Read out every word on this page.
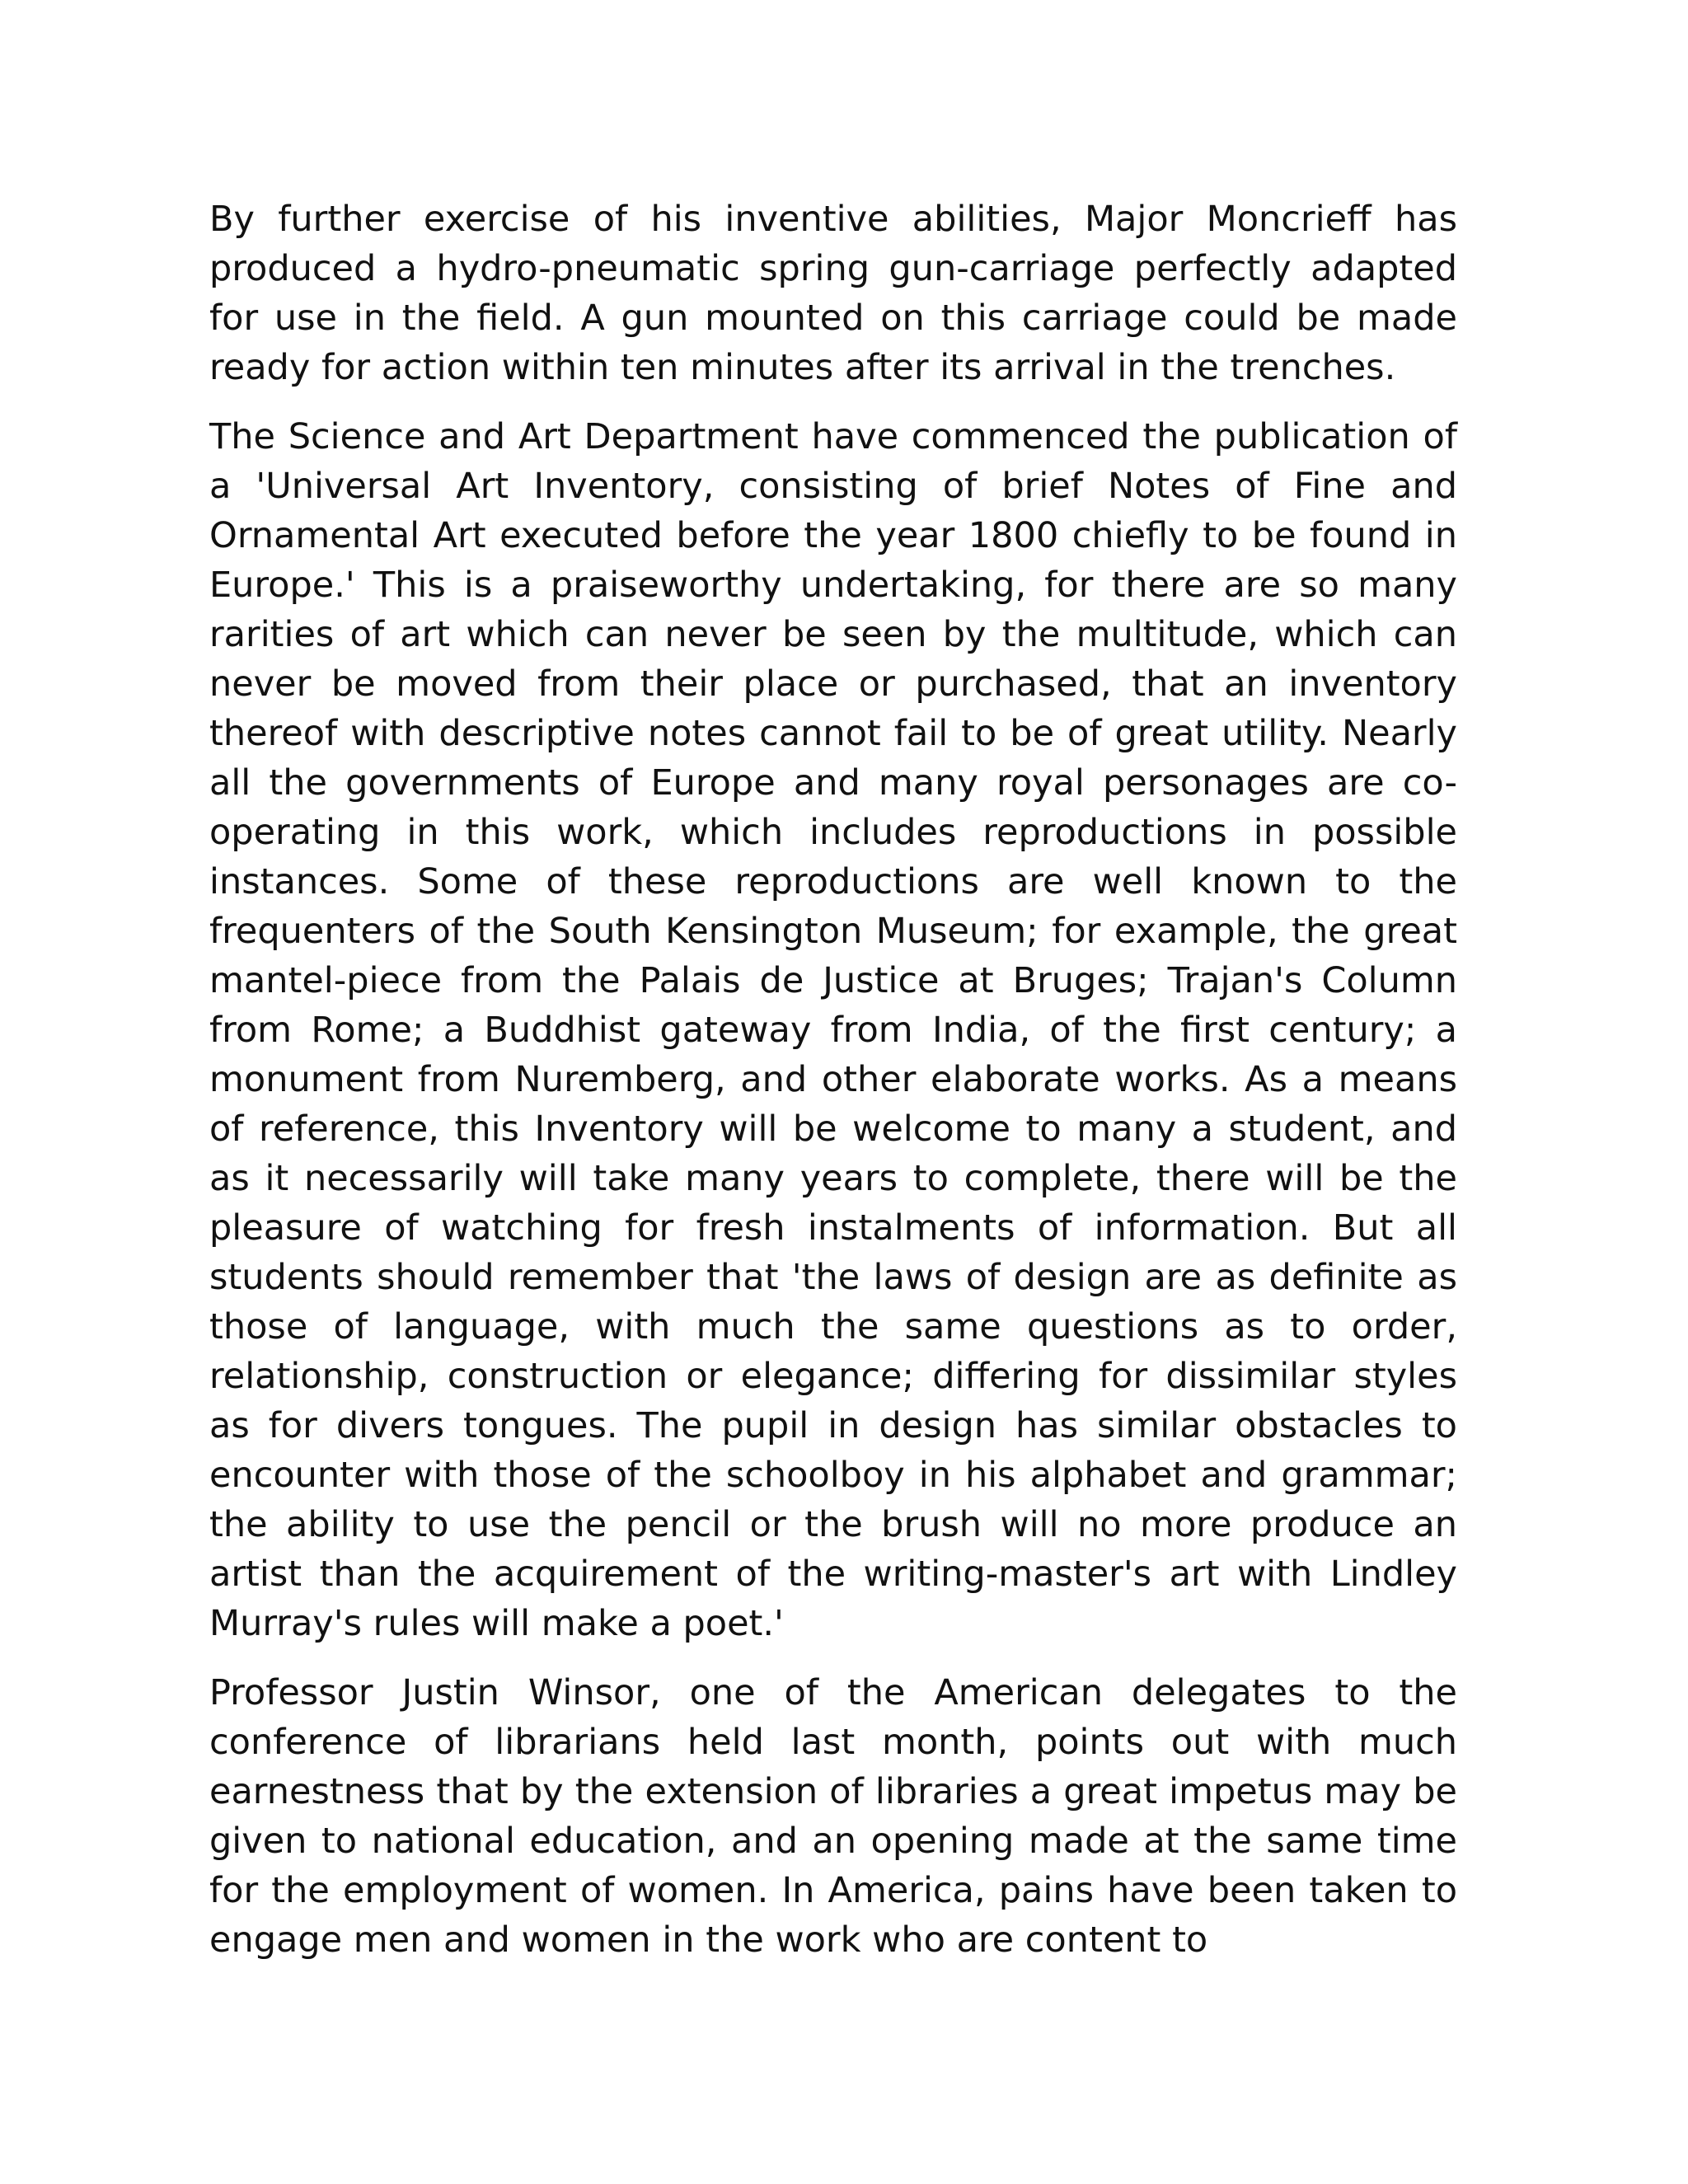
By further exercise of his inventive abilities, Major Moncrieff has produced a hydro-pneumatic spring gun-carriage perfectly adapted for use in the field. A gun mounted on this carriage could be made ready for action within ten minutes after its arrival in the trenches.

The Science and Art Department have commenced the publication of a 'Universal Art Inventory, consisting of brief Notes of Fine and Ornamental Art executed before the year 1800 chiefly to be found in Europe.' This is a praiseworthy undertaking, for there are so many rarities of art which can never be seen by the multitude, which can never be moved from their place or purchased, that an inventory thereof with descriptive notes cannot fail to be of great utility. Nearly all the governments of Europe and many royal personages are co-operating in this work, which includes reproductions in possible instances. Some of these reproductions are well known to the frequenters of the South Kensington Museum; for example, the great mantel-piece from the Palais de Justice at Bruges; Trajan's Column from Rome; a Buddhist gateway from India, of the first century; a monument from Nuremberg, and other elaborate works. As a means of reference, this Inventory will be welcome to many a student, and as it necessarily will take many years to complete, there will be the pleasure of watching for fresh instalments of information. But all students should remember that 'the laws of design are as definite as those of language, with much the same questions as to order, relationship, construction or elegance; differing for dissimilar styles as for divers tongues. The pupil in design has similar obstacles to encounter with those of the schoolboy in his alphabet and grammar; the ability to use the pencil or the brush will no more produce an artist than the acquirement of the writing-master's art with Lindley Murray's rules will make a poet.'

Professor Justin Winsor, one of the American delegates to the conference of librarians held last month, points out with much earnestness that by the extension of libraries a great impetus may be given to national education, and an opening made at the same time for the employment of women. In America, pains have been taken to engage men and women in the work who are content to
